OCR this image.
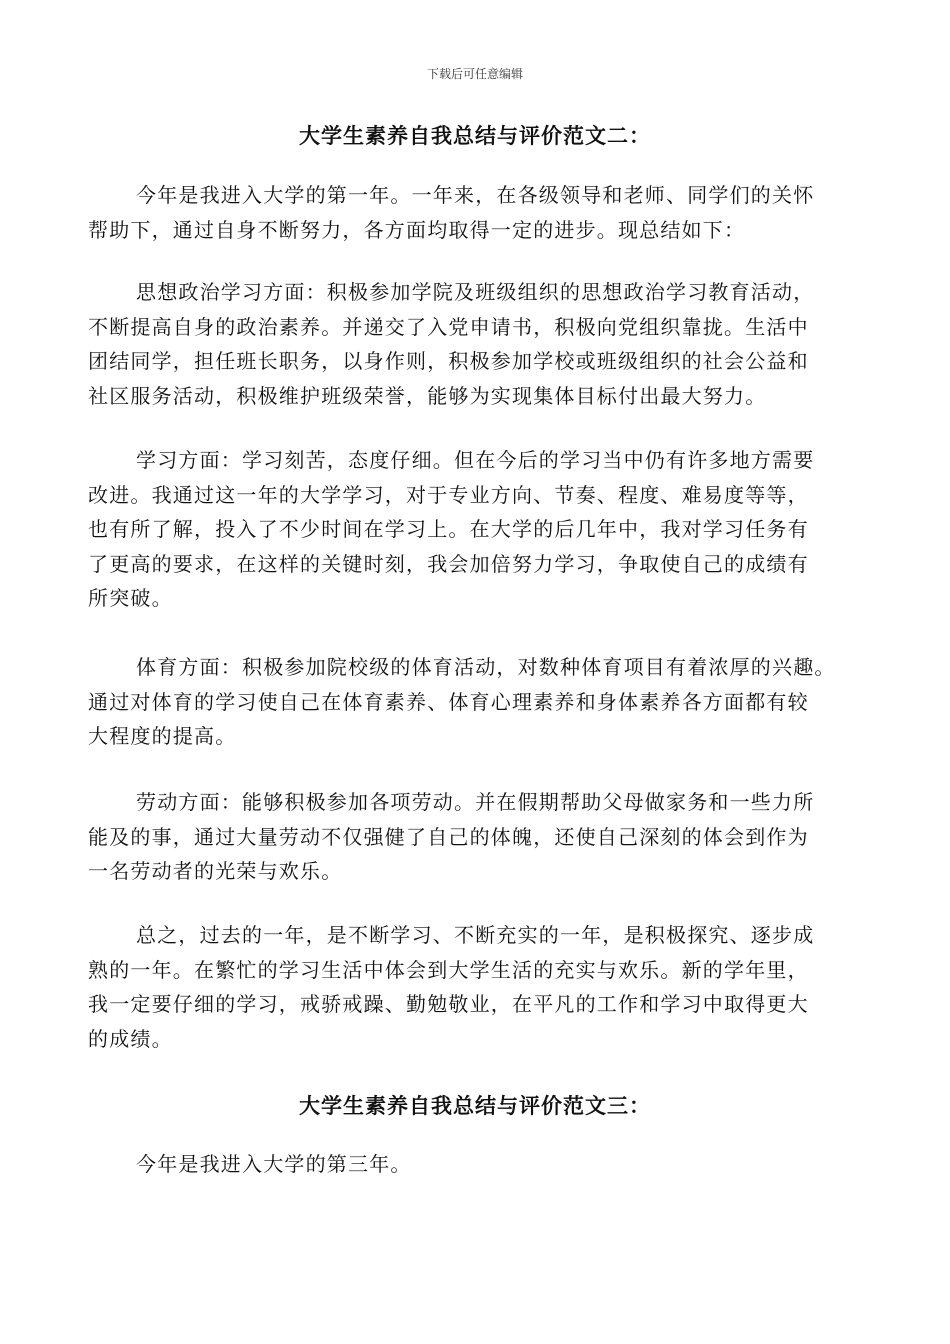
下载后可任意编辑
大学生素养自我总结与评价范文二：

今年是我进入大学的第一年。一年来，在各级领导和老师、同学们的关怀
帮助下，通过自身不断努力，各方面均取得一定的进步。现总结如下：

思想政治学习方面：积极参加学院及班级组织的思想政治学习教育活动，
不断提高自身的政治素养。并递交了入党申请书，积极向党组织靠拢。生活中
团结同学，担任班长职务，以身作则，积极参加学校或班级组织的社会公益和
社区服务活动，积极维护班级荣誉，能够为实现集体目标付出最大努力。

学习方面：学习刻苦，态度仔细。但在今后的学习当中仍有许多地方需要
改进。我通过这一年的大学学习，对于专业方向、节奏、程度、难易度等等，
也有所了解，投入了不少时间在学习上。在大学的后几年中，我对学习任务有
了更高的要求，在这样的关键时刻，我会加倍努力学习，争取使自己的成绩有
所突破。

体育方面：积极参加院校级的体育活动，对数种体育项目有着浓厚的兴趣。
通过对体育的学习使自己在体育素养、体育心理素养和身体素养各方面都有较
大程度的提高。

劳动方面：能够积极参加各项劳动。并在假期帮助父母做家务和一些力所
能及的事，通过大量劳动不仅强健了自己的体魄，还使自己深刻的体会到作为
一名劳动者的光荣与欢乐。

总之，过去的一年，是不断学习、不断充实的一年，是积极探究、逐步成
熟的一年。在繁忙的学习生活中体会到大学生活的充实与欢乐。新的学年里，
我一定要仔细的学习，戒骄戒躁、勤勉敬业，在平凡的工作和学习中取得更大
的成绩。

大学生素养自我总结与评价范文三：

今年是我进入大学的第三年。
